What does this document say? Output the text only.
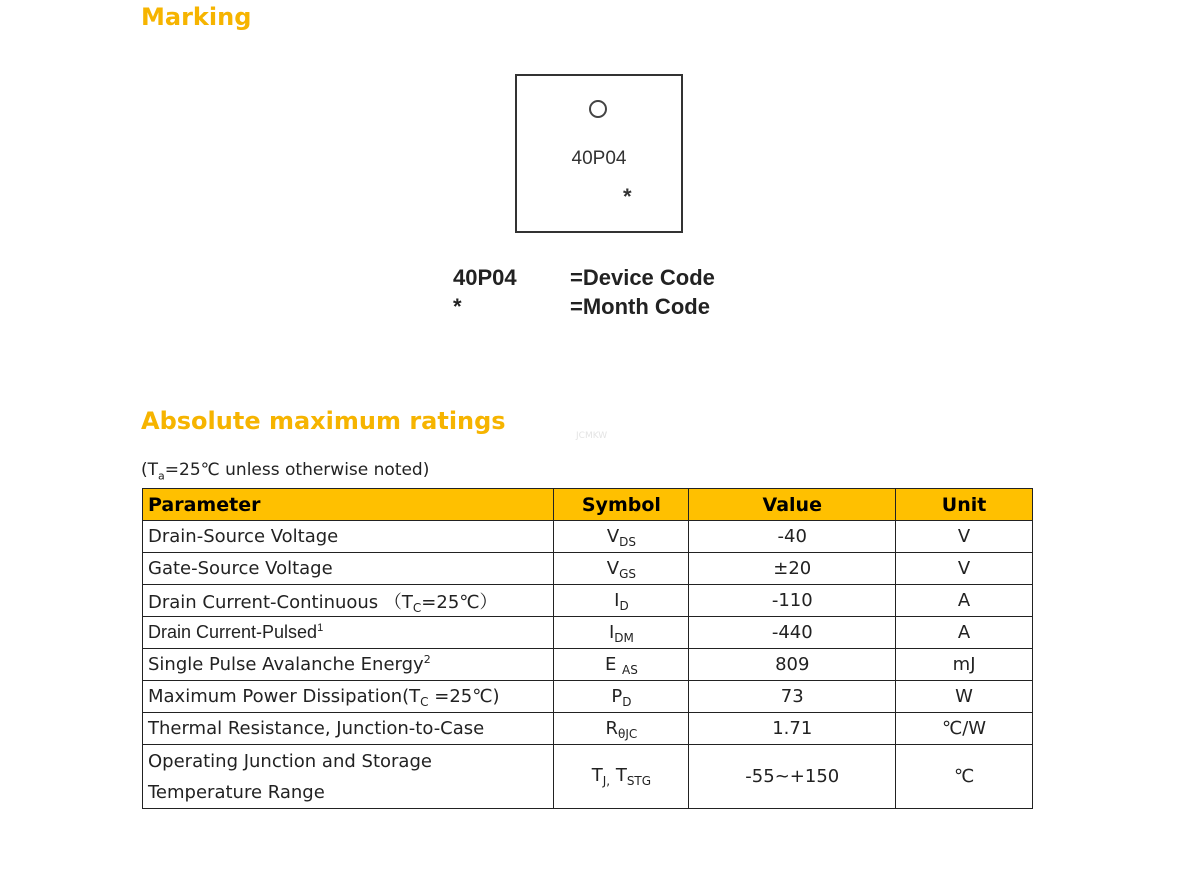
Marking
40P04
*
40P04 =Device Code
*	=Month Code
Absolute maximum ratings
JCMKW
($T_a=25℃$ unless otherwise noted)
Parameter	Symbol	Value	Unit
Drain-Source Voltage	$V_{DS}$	-40	V
Gate-Source Voltage	$V_{GS}$	±20	V
Drain Current-Continuous $(T_C=25℃)$	$I_D$	-110	A
Drain Current-Pulsed$^1$	$I_{DM}$	-440	A
Single Pulse Avalanche Energy$^2$	E $_{AS}$	809	mJ
Maximum Power $Dissipation(T_C$ =25℃)	$P_D$	73	W
Thermal Resistance, Junction-to-Case	$R_{\theta JC}$	1.71	℃/W
Operating Junction and Storage
Temperature Range	$T_{J,}$ $T_{STG}$	-55~+150	℃
